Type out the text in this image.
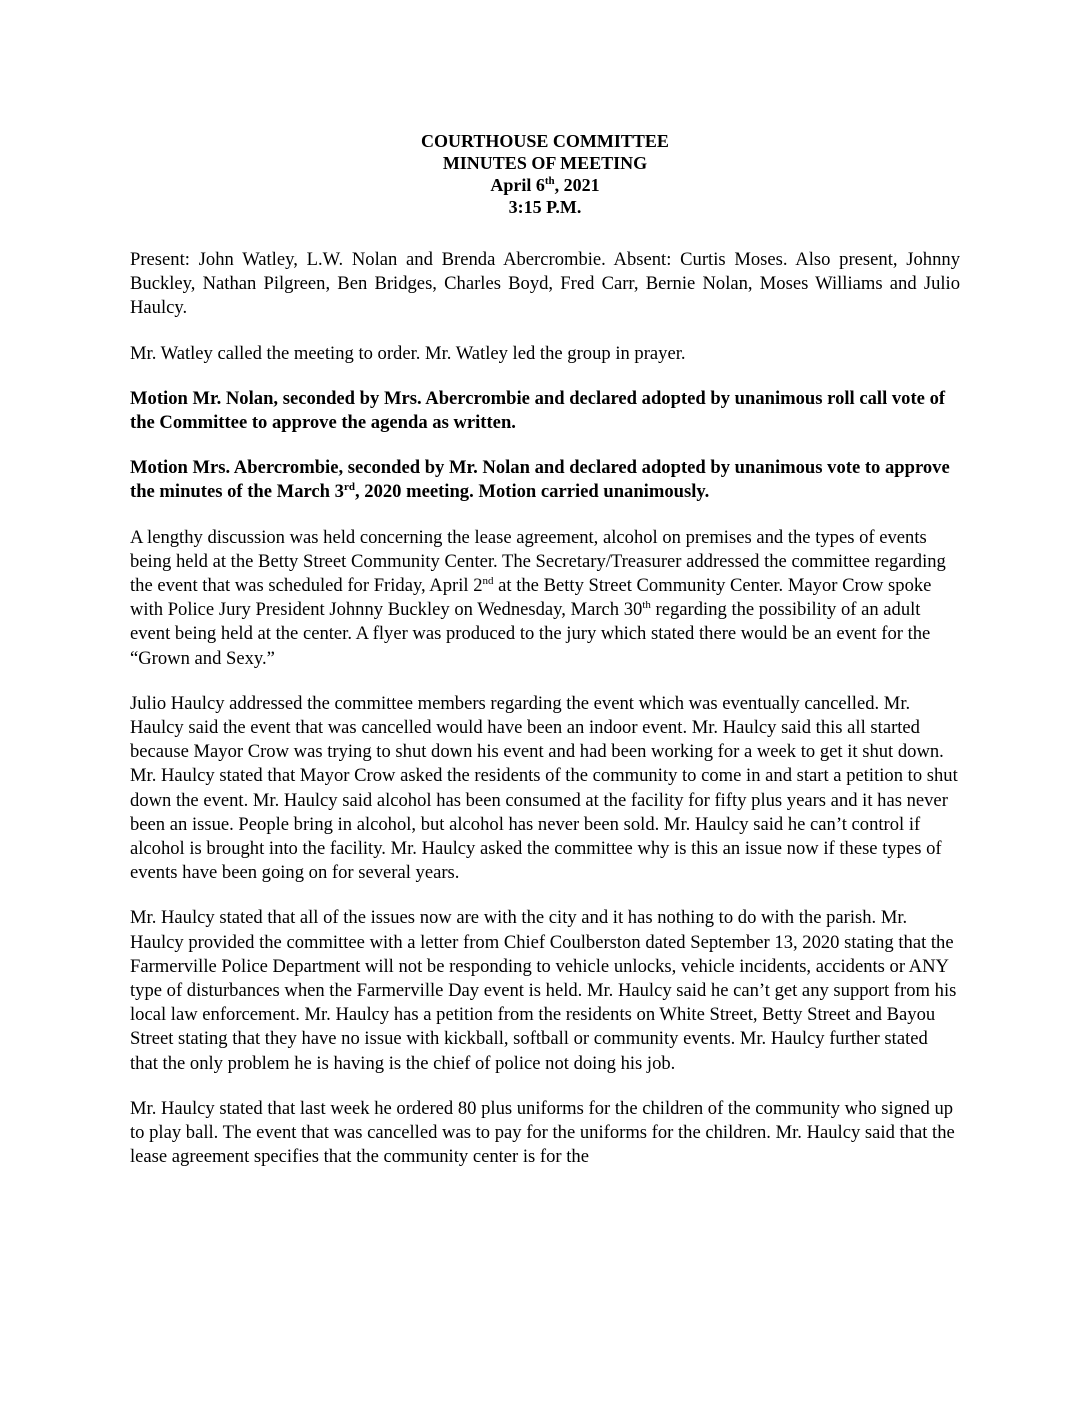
COURTHOUSE COMMITTEE
MINUTES OF MEETING
April 6th, 2021
3:15 P.M.

Present: John Watley, L.W. Nolan and Brenda Abercrombie. Absent: Curtis Moses. Also present, Johnny Buckley, Nathan Pilgreen, Ben Bridges, Charles Boyd, Fred Carr, Bernie Nolan, Moses Williams and Julio Haulcy.

Mr. Watley called the meeting to order. Mr. Watley led the group in prayer.

Motion Mr. Nolan, seconded by Mrs. Abercrombie and declared adopted by unanimous roll call vote of the Committee to approve the agenda as written.

Motion Mrs. Abercrombie, seconded by Mr. Nolan and declared adopted by unanimous vote to approve the minutes of the March 3rd, 2020 meeting. Motion carried unanimously.

A lengthy discussion was held concerning the lease agreement, alcohol on premises and the types of events being held at the Betty Street Community Center. The Secretary/Treasurer addressed the committee regarding the event that was scheduled for Friday, April 2nd at the Betty Street Community Center. Mayor Crow spoke with Police Jury President Johnny Buckley on Wednesday, March 30th regarding the possibility of an adult event being held at the center. A flyer was produced to the jury which stated there would be an event for the “Grown and Sexy.”

Julio Haulcy addressed the committee members regarding the event which was eventually cancelled. Mr. Haulcy said the event that was cancelled would have been an indoor event. Mr. Haulcy said this all started because Mayor Crow was trying to shut down his event and had been working for a week to get it shut down. Mr. Haulcy stated that Mayor Crow asked the residents of the community to come in and start a petition to shut down the event. Mr. Haulcy said alcohol has been consumed at the facility for fifty plus years and it has never been an issue. People bring in alcohol, but alcohol has never been sold. Mr. Haulcy said he can’t control if alcohol is brought into the facility. Mr. Haulcy asked the committee why is this an issue now if these types of events have been going on for several years.

Mr. Haulcy stated that all of the issues now are with the city and it has nothing to do with the parish. Mr. Haulcy provided the committee with a letter from Chief Coulberston dated September 13, 2020 stating that the Farmerville Police Department will not be responding to vehicle unlocks, vehicle incidents, accidents or ANY type of disturbances when the Farmerville Day event is held. Mr. Haulcy said he can’t get any support from his local law enforcement. Mr. Haulcy has a petition from the residents on White Street, Betty Street and Bayou Street stating that they have no issue with kickball, softball or community events. Mr. Haulcy further stated that the only problem he is having is the chief of police not doing his job.

Mr. Haulcy stated that last week he ordered 80 plus uniforms for the children of the community who signed up to play ball. The event that was cancelled was to pay for the uniforms for the children. Mr. Haulcy said that the lease agreement specifies that the community center is for the
